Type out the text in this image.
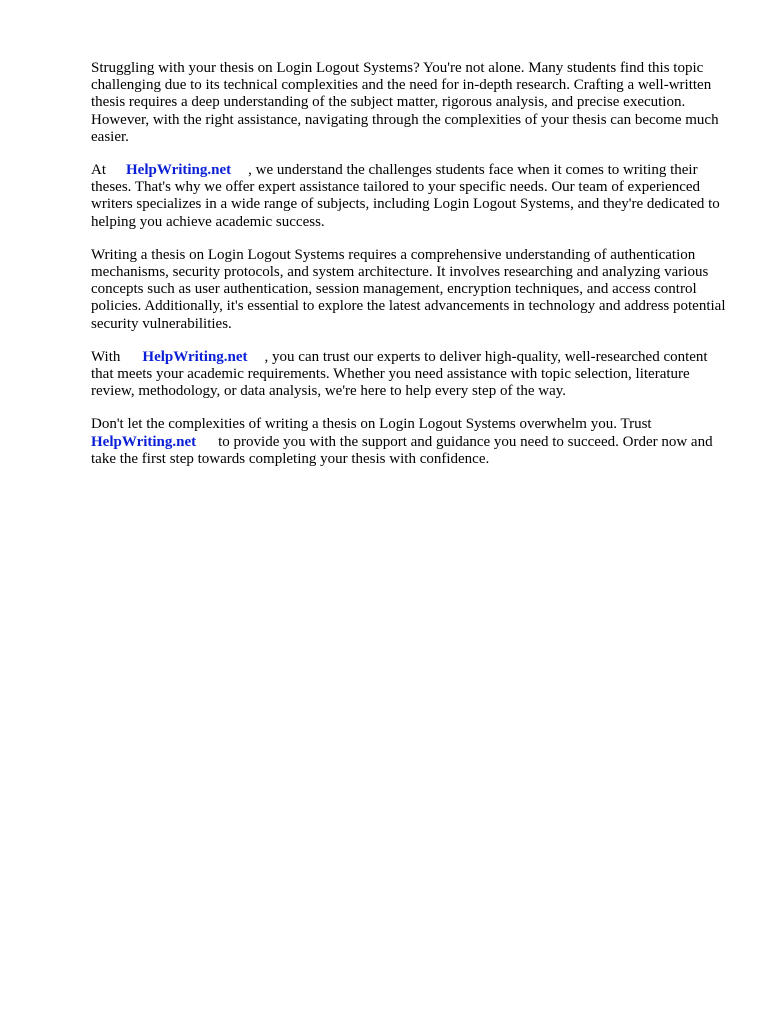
Struggling with your thesis on Login Logout Systems? You're not alone. Many students find this topic challenging due to its technical complexities and the need for in-depth research. Crafting a well-written thesis requires a deep understanding of the subject matter, rigorous analysis, and precise execution. However, with the right assistance, navigating through the complexities of your thesis can become much easier.

At HelpWriting.net , we understand the challenges students face when it comes to writing their theses. That's why we offer expert assistance tailored to your specific needs. Our team of experienced writers specializes in a wide range of subjects, including Login Logout Systems, and they're dedicated to helping you achieve academic success.

Writing a thesis on Login Logout Systems requires a comprehensive understanding of authentication mechanisms, security protocols, and system architecture. It involves researching and analyzing various concepts such as user authentication, session management, encryption techniques, and access control policies. Additionally, it's essential to explore the latest advancements in technology and address potential security vulnerabilities.

With HelpWriting.net , you can trust our experts to deliver high-quality, well-researched content that meets your academic requirements. Whether you need assistance with topic selection, literature review, methodology, or data analysis, we're here to help every step of the way.

Don't let the complexities of writing a thesis on Login Logout Systems overwhelm you. Trust HelpWriting.net to provide you with the support and guidance you need to succeed. Order now and take the first step towards completing your thesis with confidence.
